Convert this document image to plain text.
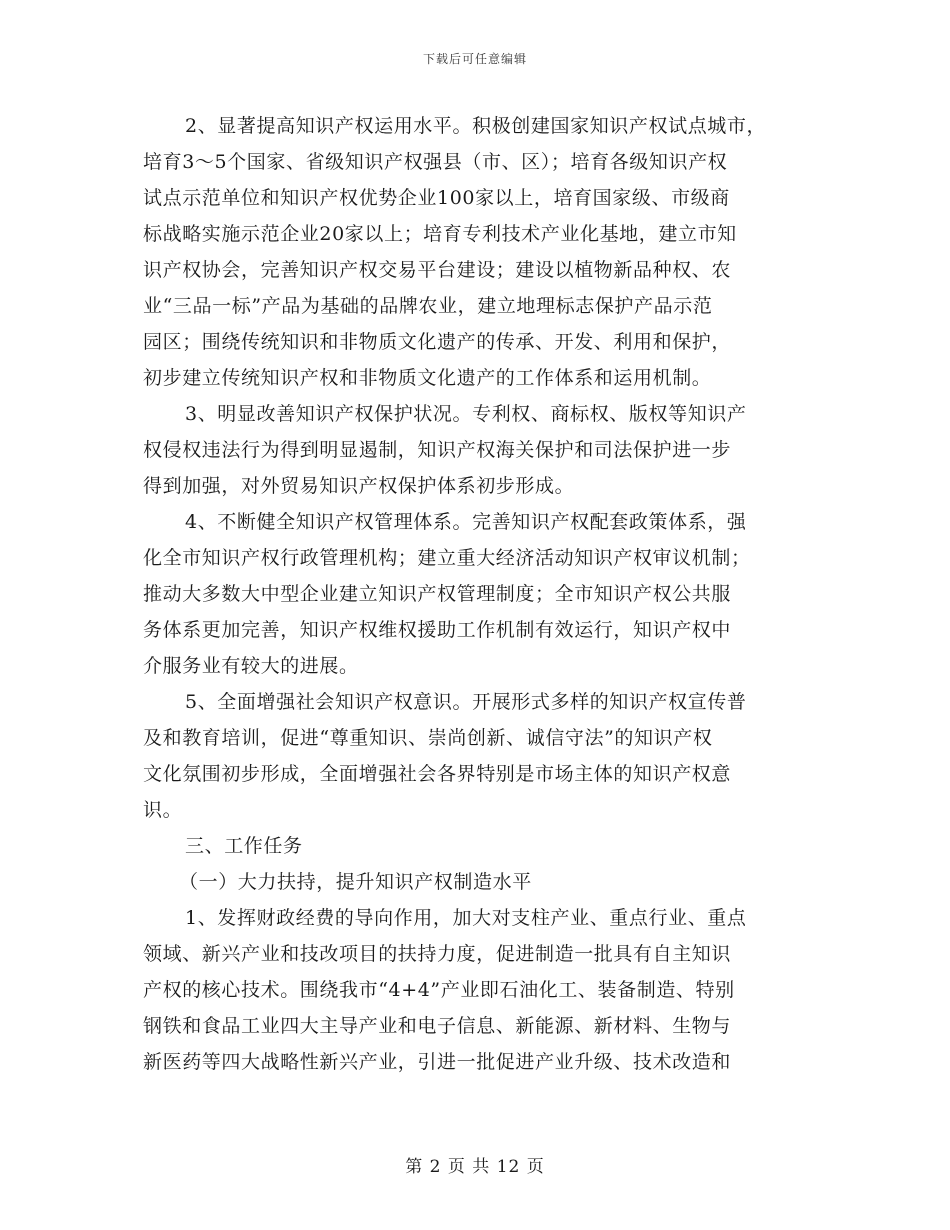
下载后可任意编辑
2、显著提高知识产权运用水平。积极创建国家知识产权试点城市，
培育3～5个国家、省级知识产权强县（市、区）；培育各级知识产权
试点示范单位和知识产权优势企业100家以上，培育国家级、市级商
标战略实施示范企业20家以上；培育专利技术产业化基地，建立市知
识产权协会，完善知识产权交易平台建设；建设以植物新品种权、农
业“三品一标”产品为基础的品牌农业，建立地理标志保护产品示范
园区；围绕传统知识和非物质文化遗产的传承、开发、利用和保护，
初步建立传统知识产权和非物质文化遗产的工作体系和运用机制。
3、明显改善知识产权保护状况。专利权、商标权、版权等知识产
权侵权违法行为得到明显遏制，知识产权海关保护和司法保护进一步
得到加强，对外贸易知识产权保护体系初步形成。
4、不断健全知识产权管理体系。完善知识产权配套政策体系，强
化全市知识产权行政管理机构；建立重大经济活动知识产权审议机制；
推动大多数大中型企业建立知识产权管理制度；全市知识产权公共服
务体系更加完善，知识产权维权援助工作机制有效运行，知识产权中
介服务业有较大的进展。
5、全面增强社会知识产权意识。开展形式多样的知识产权宣传普
及和教育培训，促进“尊重知识、崇尚创新、诚信守法”的知识产权
文化氛围初步形成，全面增强社会各界特别是市场主体的知识产权意
识。
三、工作任务
（一）大力扶持，提升知识产权制造水平
1、发挥财政经费的导向作用，加大对支柱产业、重点行业、重点
领域、新兴产业和技改项目的扶持力度，促进制造一批具有自主知识
产权的核心技术。围绕我市“4+4”产业即石油化工、装备制造、特别
钢铁和食品工业四大主导产业和电子信息、新能源、新材料、生物与
新医药等四大战略性新兴产业，引进一批促进产业升级、技术改造和
第 2 页 共 12 页
